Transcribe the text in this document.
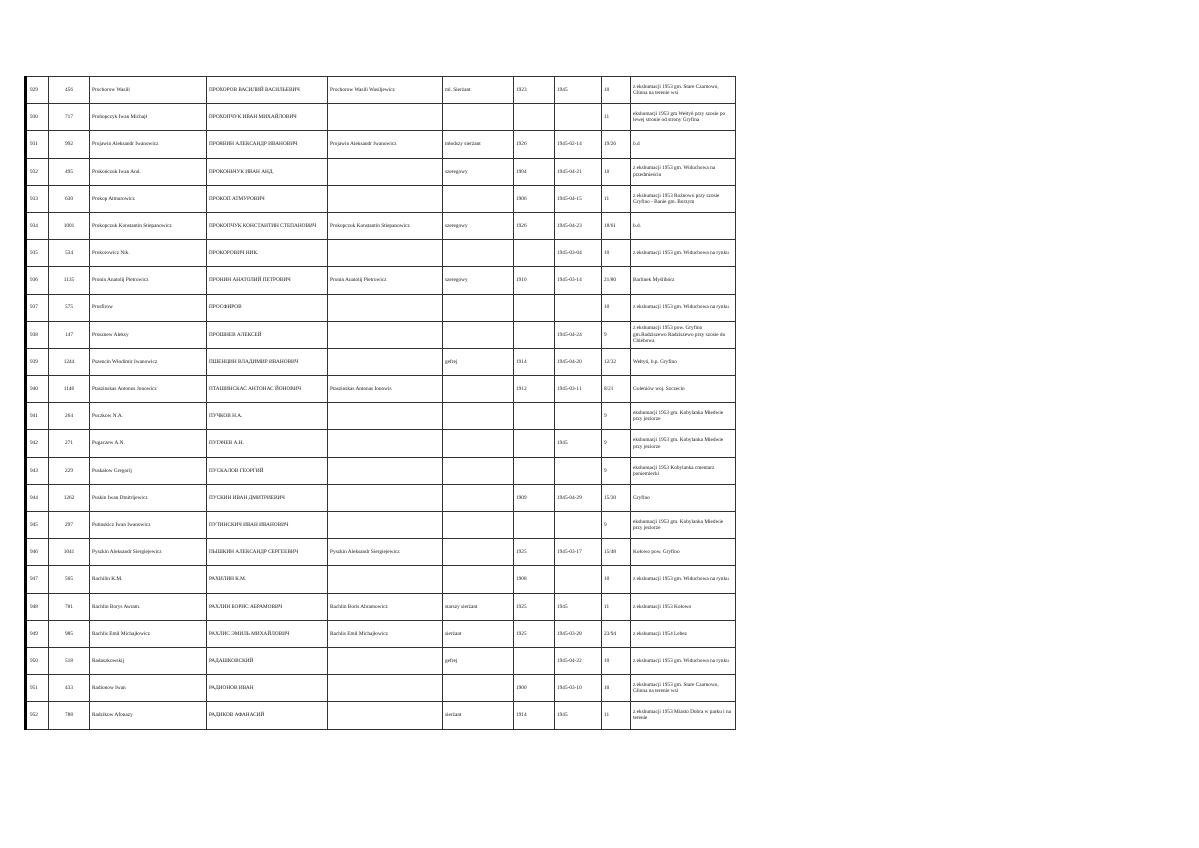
929	456	Prochorow Wasili	ПРОХОРОВ ВАСИЛИЙ ВАСИЛЬЕВИЧ	Prochorow Wasili Wasiljewicz	ml. Sierżant	1923	1945	10	z ekshumacji 1953 gm. Stare Czarnowo, Glinna na terenie wsi
930	717	Prohopczyk Iwan Michajł	ПРОХОПЧУК ИВАН МИХАЙЛОВИЧ					11	ekshumacji 1953 gm Wełtyń przy szosie po lewej stronie od strony Gryfina
931	992	Projawin Aleksandr Iwanowicz	ПРОЯВИН АЛЕКСАНДР ИВАНОВИЧ	Projawin Aleksandr Iwanowicz	młodszy sierżant	1926	1945-02-14	19/26	b.d
932	495	Prokończuk Iwan And.	ПРОКОНЬЧУК ИВАН АНД.		szeregowy	1904	1945-04-21	10	z ekshumacji 1953 gm. Widuchowa na przedmieściu
933	630	Prokop Atmurowicz	ПРОКОП АТМУРОВИЧ			1906	1945-04-15	11	z ekshumacji 1953 Rożnowo przy szosie Gryfino - Banie gm. Borzym
934	1001	Prokopczuk Konstantin Stiepanowicz	ПРОКОПЧУК КОНСТАНТИН СТЕПАНОВИЧ	Prokopczuk Konstantin Stiepanowicz	szeregowy	1926	1945-04-23	18/61	b.d.
935	534	Prokorowicz Nik.	ПРОКОРОВИЧ НИК.				1945-03-04	10	z ekshumacji 1953 gm. Widuchowa na rynku
936	1135	Pronin Anatolij Pietrowicz	ПРОНИН АНАТОЛИЙ ПЕТРОВИЧ	Pronin Anatolij Pietrowicz	szeregowy	1910	1945-03-14	21/80	Barlinek Myślibórz
937	575	Prosfirow	ПРОСФИРОВ					10	z ekshumacji 1953 gm. Widuchowa na rynku
938	147	Prosznew Aleksy	ПРОШНЕВ АЛЕКСЕЙ				1945-04-24	9	z ekshumacji 1953 pow. Gryfino gm.Radziszewo Radziszewo przy szosie do Chlebowa
939	1244	Pszencin Włodimir Iwanowicz	ПШЕНЦИН ВЛАДИМИР ИВАНОВИЧ		gefrej	1914	1945-04-20	12/32	Wełtyń, b.p. Gryfino
940	1146	Ptaszinskas Antonos Jonowicz	ПТАШИНСКАС АНТОНАС ЙОНОВИЧ	Ptaszinskas Antonas Ionowis		1912	1945-03-11	8/21	Goleniów woj. Szczecin
941	264	Puczkow N.A.	ПУЧКОВ Н.А.					9	ekshumacji 1953 gm. Kobylanka Miedwie przy jeziorze
942	271	Pugaczew A.N.	ПУГАЧЕВ А.Н.				1945	9	ekshumacji 1953 gm. Kobylanka Miedwie przy jeziorze
943	229	Puskałow Gregorij	ПУСКАЛОВ ГЕОРГИЙ					9	ekshumacji 1953 Kobylanka cmentarz poniemiecki
944	1262	Puskin Iwan Dmitrijewicz	ПУСКИН ИВАН ДМИТРИЕВИЧ			1909	1945-04-29	15/30	Gryfino
945	297	Putinskicz Iwan Iwanowicz	ПУТИНСКИЧ ИВАН ИВАНОВИЧ					9	ekshumacji 1953 gm. Kobylanka Miedwie przy jeziorze
946	1041	Pyszkin Aleksandr Siergiejewicz	ПЫШКИН АЛЕКСАНДР СЕРГЕЕВИЧ	Pyszkin Aleksandr Siergiejewicz		1925	1945-03-17	15/48	Kołowo pow. Gryfino
947	565	Rachilin K.M.	РАХИЛИН К.М.			1908		10	z ekshumacji 1953 gm. Widuchowa na rynku
948	781	Rachlin Borys Awram.	РАХЛИН БОРИС АБРАМОВИЧ	Rachlin Boris Abramowicz	starszy sierżant	1925	1945	11	z ekshumacji 1953 Kołowo
949	985	Rachlis Emil Michajłowicz	РАХЛИС ЭМИЛЬ МИХАЙЛОВИЧ	Rachlis Emil Michajłowicz	sierżant	1925	1945-03-28	23/94	z ekshumacji 1954 Lebez
950	518	Radaszkowskij	РАДАШКОВСКИЙ		gefrej		1945-04-22	10	z ekshumacji 1953 gm. Widuchowa na rynku
951	433	Radionow Iwan	РАДИОНОВ ИВАН			1900	1945-03-10	10	z ekshumacji 1953 gm. Stare Czarnowo, Glinna na terenie wsi
952	788	Radzikow Afonazy	РАДИКОВ АФАНАСИЙ		sierżant	1914	1945	11	z ekshumacji 1953 Miasto Dobra w parku i na terenie
